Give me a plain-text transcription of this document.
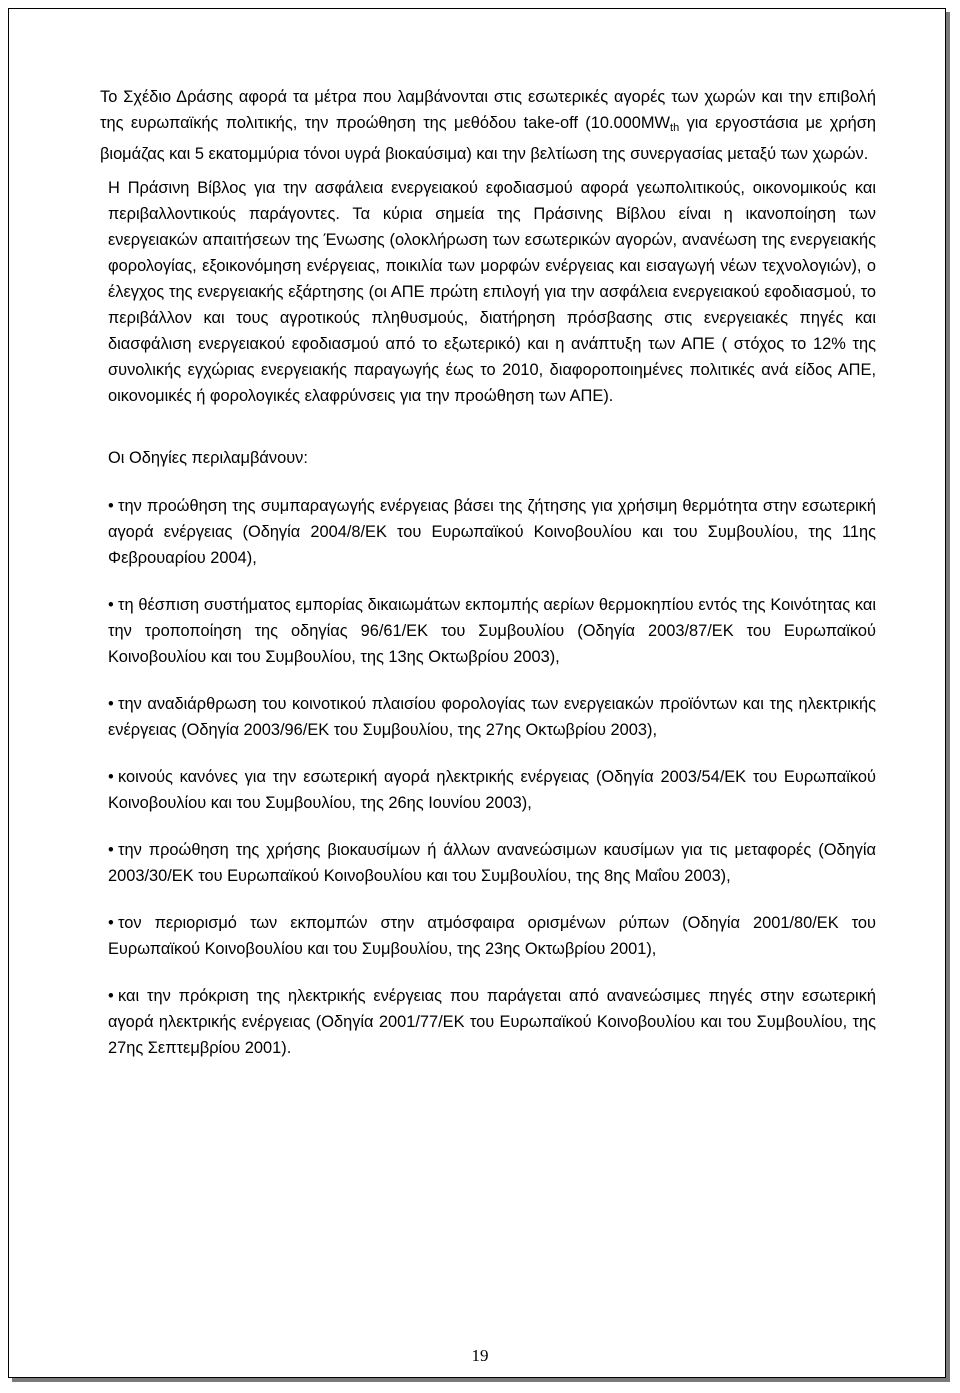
Το Σχέδιο Δράσης αφορά τα μέτρα που λαμβάνονται στις εσωτερικές αγορές των χωρών και την επιβολή της ευρωπαϊκής πολιτικής, την προώθηση της μεθόδου take-off ($10.000MW_{th}$ για εργοστάσια με χρήση βιομάζας και 5 εκατομμύρια τόνοι υγρά βιοκαύσιμα) και την βελτίωση της συνεργασίας μεταξύ των χωρών.

Η Πράσινη Βίβλος για την ασφάλεια ενεργειακού εφοδιασμού αφορά γεωπολιτικούς, οικονομικούς και περιβαλλοντικούς παράγοντες. Τα κύρια σημεία της Πράσινης Βίβλου είναι η ικανοποίηση των ενεργειακών απαιτήσεων της Ένωσης (ολοκλήρωση των εσωτερικών αγορών, ανανέωση της ενεργειακής φορολογίας, εξοικονόμηση ενέργειας, ποικιλία των μορφών ενέργειας και εισαγωγή νέων τεχνολογιών), ο έλεγχος της ενεργειακής εξάρτησης (οι ΑΠΕ πρώτη επιλογή για την ασφάλεια ενεργειακού εφοδιασμού, το περιβάλλον και τους αγροτικούς πληθυσμούς, διατήρηση πρόσβασης στις ενεργειακές πηγές και διασφάλιση ενεργειακού εφοδιασμού από το εξωτερικό) και η ανάπτυξη των ΑΠΕ ( στόχος το 12% της συνολικής εγχώριας ενεργειακής παραγωγής έως το 2010, διαφοροποιημένες πολιτικές ανά είδος ΑΠΕ, οικονομικές ή φορολογικές ελαφρύνσεις για την προώθηση των ΑΠΕ).

Οι Οδηγίες περιλαμβάνουν:

• την προώθηση της συμπαραγωγής ενέργειας βάσει της ζήτησης για χρήσιμη θερμότητα στην εσωτερική αγορά ενέργειας (Οδηγία 2004/8/ΕΚ του Ευρωπαϊκού Κοινοβουλίου και του Συμβουλίου, της 11ης Φεβρουαρίου 2004),

• τη θέσπιση συστήματος εμπορίας δικαιωμάτων εκπομπής αερίων θερμοκηπίου εντός της Κοινότητας και την τροποποίηση της οδηγίας 96/61/ΕΚ του Συμβουλίου (Οδηγία 2003/87/ΕΚ του Ευρωπαϊκού Κοινοβουλίου και του Συμβουλίου, της 13ης Οκτωβρίου 2003),

• την αναδιάρθρωση του κοινοτικού πλαισίου φορολογίας των ενεργειακών προϊόντων και της ηλεκτρικής ενέργειας (Οδηγία 2003/96/ΕΚ του Συμβουλίου, της 27ης Οκτωβρίου 2003),

• κοινούς κανόνες για την εσωτερική αγορά ηλεκτρικής ενέργειας (Οδηγία 2003/54/ΕΚ του Ευρωπαϊκού Κοινοβουλίου και του Συμβουλίου, της 26ης Ιουνίου 2003),

• την προώθηση της χρήσης βιοκαυσίμων ή άλλων ανανεώσιμων καυσίμων για τις μεταφορές (Οδηγία 2003/30/ΕΚ του Ευρωπαϊκού Κοινοβουλίου και του Συμβουλίου, της 8ης Μαΐου 2003),

• τον περιορισμό των εκπομπών στην ατμόσφαιρα ορισμένων ρύπων (Οδηγία 2001/80/ΕΚ του Ευρωπαϊκού Κοινοβουλίου και του Συμβουλίου, της 23ης Οκτωβρίου 2001),

• και την πρόκριση της ηλεκτρικής ενέργειας που παράγεται από ανανεώσιμες πηγές στην εσωτερική αγορά ηλεκτρικής ενέργειας (Οδηγία 2001/77/ΕΚ του Ευρωπαϊκού Κοινοβουλίου και του Συμβουλίου, της 27ης Σεπτεμβρίου 2001).

19
